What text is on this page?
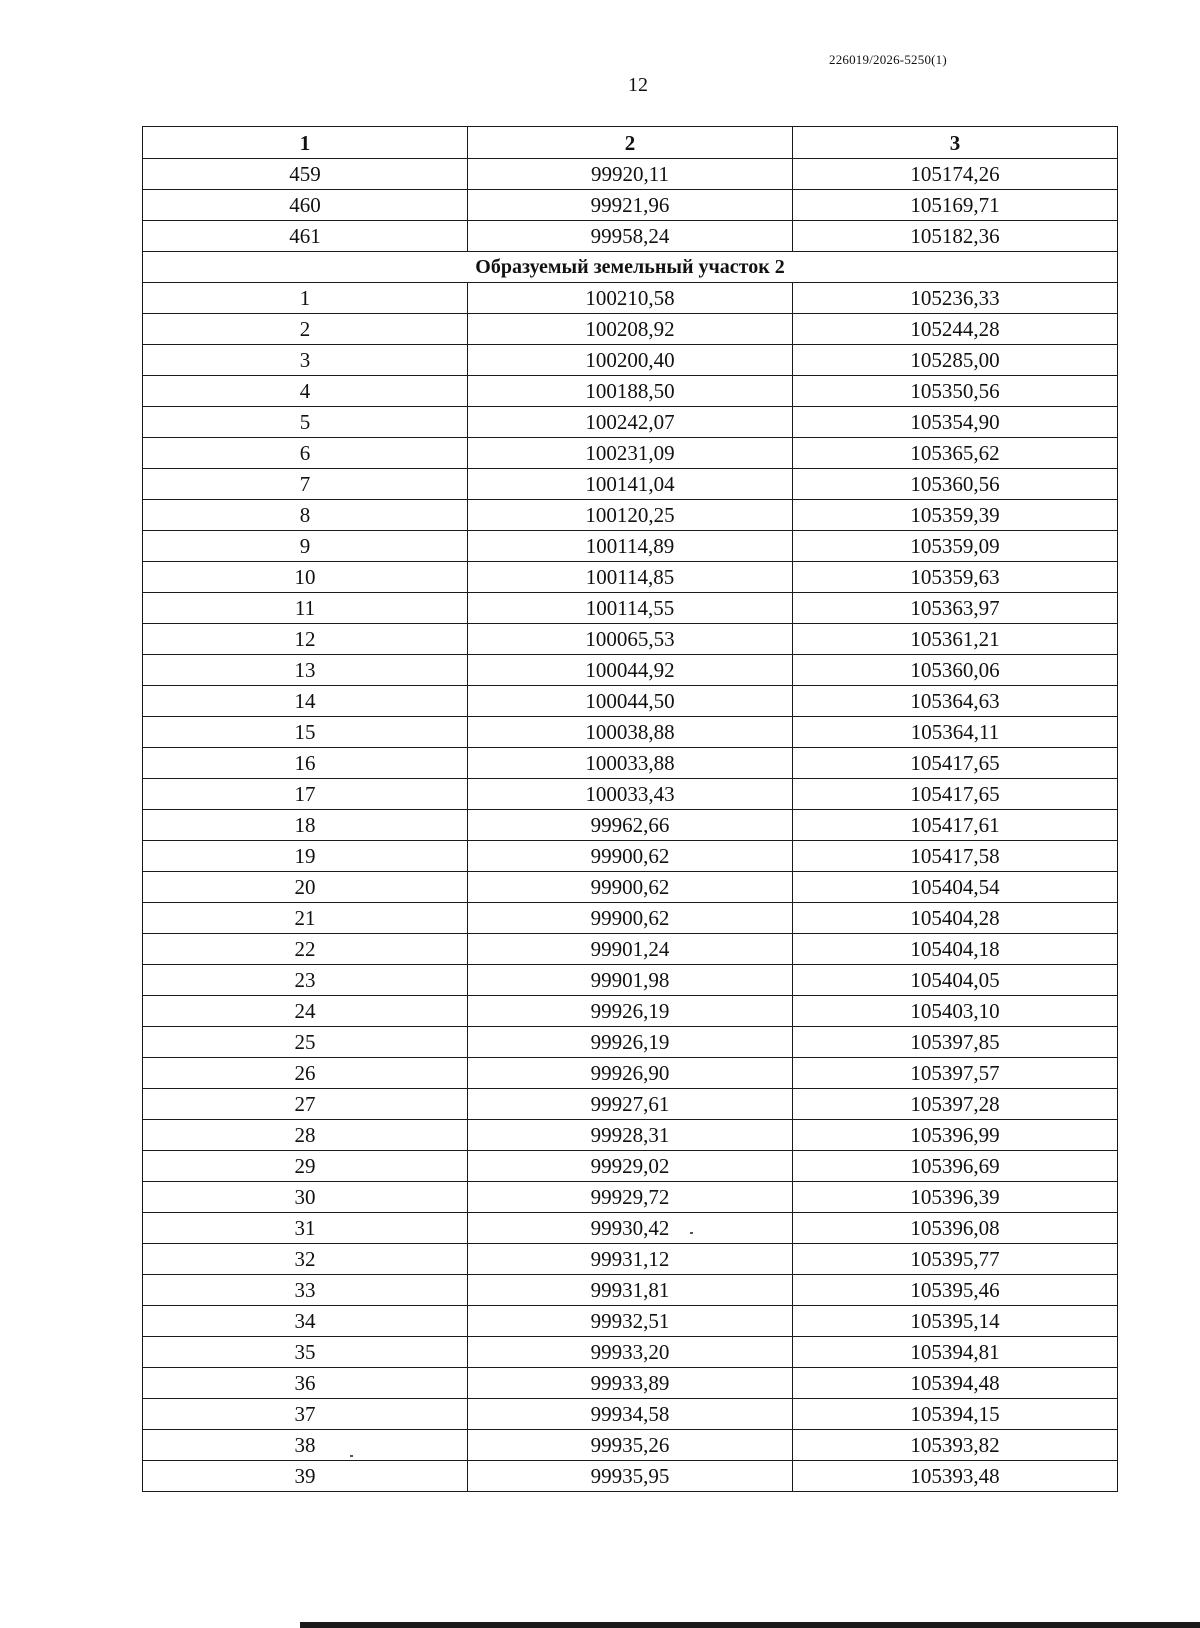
226019/2026-5250(1)
12
1	2	3
459	99920,11	105174,26
460	99921,96	105169,71
461	99958,24	105182,36
Образуемый земельный участок 2		
1	100210,58	105236,33
2	100208,92	105244,28
3	100200,40	105285,00
4	100188,50	105350,56
5	100242,07	105354,90
6	100231,09	105365,62
7	100141,04	105360,56
8	100120,25	105359,39
9	100114,89	105359,09
10	100114,85	105359,63
11	100114,55	105363,97
12	100065,53	105361,21
13	100044,92	105360,06
14	100044,50	105364,63
15	100038,88	105364,11
16	100033,88	105417,65
17	100033,43	105417,65
18	99962,66	105417,61
19	99900,62	105417,58
20	99900,62	105404,54
21	99900,62	105404,28
22	99901,24	105404,18
23	99901,98	105404,05
24	99926,19	105403,10
25	99926,19	105397,85
26	99926,90	105397,57
27	99927,61	105397,28
28	99928,31	105396,99
29	99929,02	105396,69
30	99929,72	105396,39
31	99930,42	105396,08
32	99931,12	105395,77
33	99931,81	105395,46
34	99932,51	105395,14
35	99933,20	105394,81
36	99933,89	105394,48
37	99934,58	105394,15
38	99935,26	105393,82
39	99935,95	105393,48
